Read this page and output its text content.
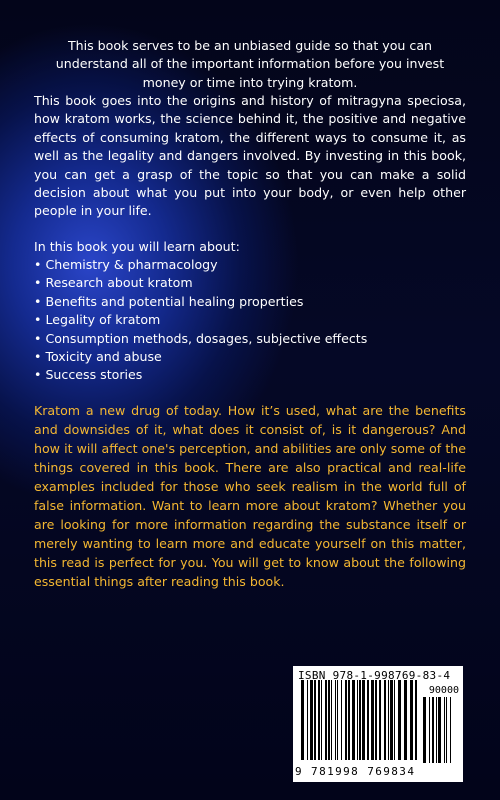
This book serves to be an unbiased guide so that you can understand all of the important information before you invest money or time into trying kratom.

This book goes into the origins and history of mitragyna speciosa, how kratom works, the science behind it, the positive and negative effects of consuming kratom, the different ways to consume it, as well as the legality and dangers involved. By investing in this book, you can get a grasp of the topic so that you can make a solid decision about what you put into your body, or even help other people in your life.

In this book you will learn about:

• Chemistry & pharmacology
• Research about kratom
• Benefits and potential healing properties
• Legality of kratom
• Consumption methods, dosages, subjective effects
• Toxicity and abuse
• Success stories

Kratom a new drug of today. How it’s used, what are the benefits and downsides of it, what does it consist of, is it dangerous? And how it will affect one's perception, and abilities are only some of the things covered in this book. There are also practical and real-life examples included for those who seek realism in the world full of false information. Want to learn more about kratom? Whether you are looking for more information regarding the substance itself or merely wanting to learn more and educate yourself on this matter, this read is perfect for you. You will get to know about the following essential things after reading this book.

ISBN 978-1-998769-83-4

90000

9 781998 769834
